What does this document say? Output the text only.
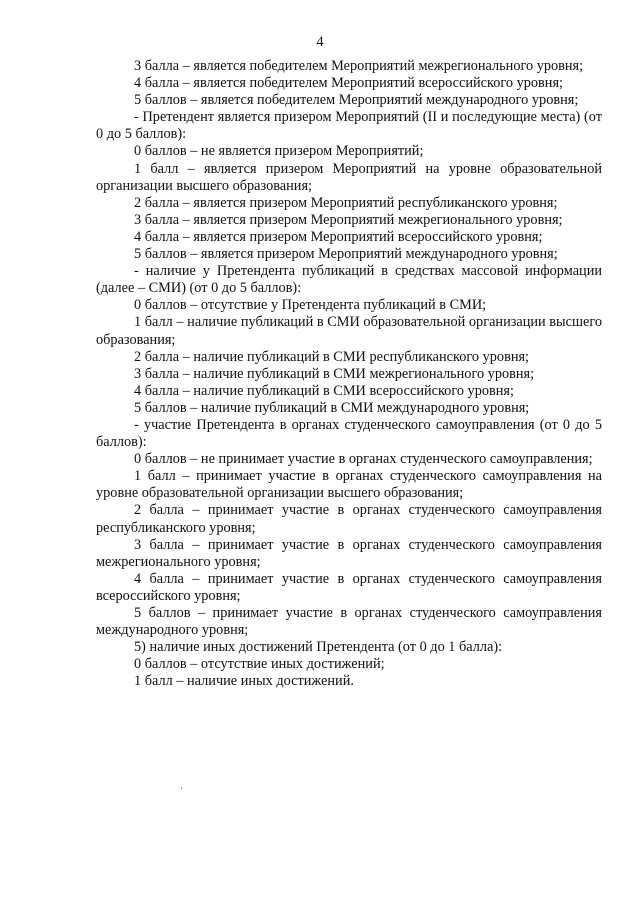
4

3 балла – является победителем Мероприятий межрегионального уровня;

4 балла – является победителем Мероприятий всероссийского уровня;

5 баллов – является победителем Мероприятий международного уровня;

- Претендент является призером Мероприятий (II и последующие места) (от 0 до 5 баллов):

0 баллов – не является призером Мероприятий;

1 балл – является призером Мероприятий на уровне образовательной организации высшего образования;

2 балла – является призером Мероприятий республиканского уровня;

3 балла – является призером Мероприятий межрегионального уровня;

4 балла – является призером Мероприятий всероссийского уровня;

5 баллов – является призером Мероприятий международного уровня;

- наличие у Претендента публикаций в средствах массовой информации (далее – СМИ) (от 0 до 5 баллов):

0 баллов – отсутствие у Претендента публикаций в СМИ;

1 балл – наличие публикаций в СМИ образовательной организации высшего образования;

2 балла – наличие публикаций в СМИ республиканского уровня;

3 балла – наличие публикаций в СМИ межрегионального уровня;

4 балла – наличие публикаций в СМИ всероссийского уровня;

5 баллов – наличие публикаций в СМИ международного уровня;

- участие Претендента в органах студенческого самоуправления (от 0 до 5 баллов):

0 баллов – не принимает участие в органах студенческого самоуправления;

1 балл – принимает участие в органах студенческого самоуправления на уровне образовательной организации высшего образования;

2 балла – принимает участие в органах студенческого самоуправления республиканского уровня;

3 балла – принимает участие в органах студенческого самоуправления межрегионального уровня;

4 балла – принимает участие в органах студенческого самоуправления всероссийского уровня;

5 баллов – принимает участие в органах студенческого самоуправления международного уровня;

5) наличие иных достижений Претендента (от 0 до 1 балла):

0 баллов – отсутствие иных достижений;

1 балл – наличие иных достижений.

ʼ
